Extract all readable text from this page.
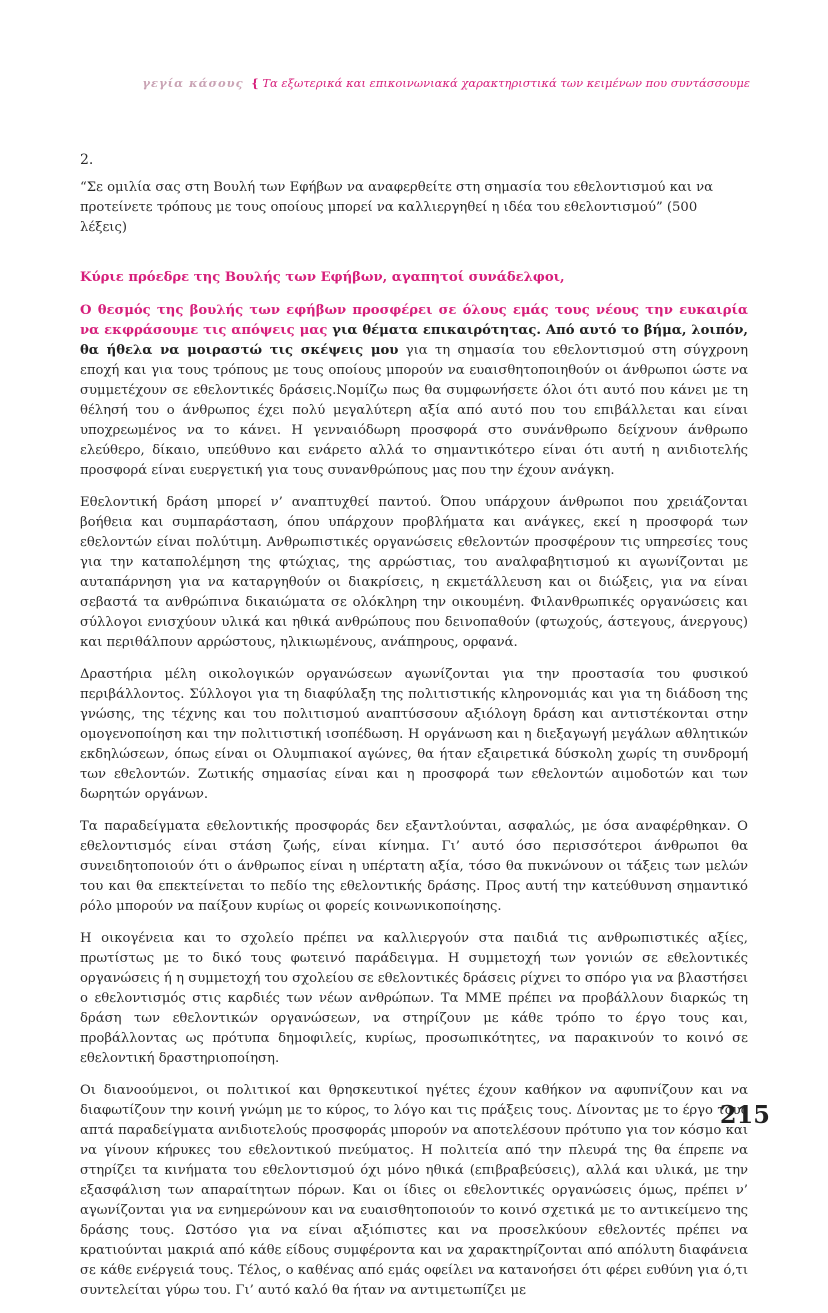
γεγία κάσους { Τα εξωτερικά και επικοινωνιακά χαρακτηριστικά των κειμένων που συντάσσουμε

2.

“Σε ομιλία σας στη Βουλή των Εφήβων να αναφερθείτε στη σημασία του εθελοντισμού και να προτείνετε τρόπους με τους οποίους μπορεί να καλλιεργηθεί η ιδέα του εθελοντισμού” (500 λέξεις)

Κύριε πρόεδρε της Βουλής των Εφήβων, αγαπητοί συνάδελφοι,

Ο θεσμός της βουλής των εφήβων προσφέρει σε όλους εμάς τους νέους την ευκαιρία να εκφράσουμε τις απόψεις μας για θέματα επικαιρότητας. Από αυτό το βήμα, λοιπόν, θα ήθελα να μοιραστώ τις σκέψεις μου για τη σημασία του εθελοντισμού στη σύγχρονη εποχή και για τους τρόπους με τους οποίους μπορούν να ευαισθητοποιηθούν οι άνθρωποι ώστε να συμμετέχουν σε εθελοντικές δράσεις.Νομίζω πως θα συμφωνήσετε όλοι ότι αυτό που κάνει με τη θέλησή του ο άνθρωπος έχει πολύ μεγαλύτερη αξία από αυτό που του επιβάλλεται και είναι υποχρεωμένος να το κάνει. Η γενναιόδωρη προσφορά στο συνάνθρωπο δείχνουν άνθρωπο ελεύθερο, δίκαιο, υπεύθυνο και ενάρετο αλλά το σημαντικότερο είναι ότι αυτή η ανιδιοτελής προσφορά είναι ευεργετική για τους συνανθρώπους μας που την έχουν ανάγκη.

Εθελοντική δράση μπορεί ν’ αναπτυχθεί παντού. Όπου υπάρχουν άνθρωποι που χρειάζονται βοήθεια και συμπαράσταση, όπου υπάρχουν προβλήματα και ανάγκες, εκεί η προσφορά των εθελοντών είναι πολύτιμη. Ανθρωπιστικές οργανώσεις εθελοντών προσφέρουν τις υπηρεσίες τους για την καταπολέμηση της φτώχιας, της αρρώστιας, του αναλφαβητισμού κι αγωνίζονται με αυταπάρνηση για να καταργηθούν οι διακρίσεις, η εκμετάλλευση και οι διώξεις, για να είναι σεβαστά τα ανθρώπινα δικαιώματα σε ολόκληρη την οικουμένη. Φιλανθρωπικές οργανώσεις και σύλλογοι ενισχύουν υλικά και ηθικά ανθρώπους που δεινοπαθούν (φτωχούς, άστεγους, άνεργους) και περιθάλπουν αρρώστους, ηλικιωμένους, ανάπηρους, ορφανά.

Δραστήρια μέλη οικολογικών οργανώσεων αγωνίζονται για την προστασία του φυσικού περιβάλλοντος. Σύλλογοι για τη διαφύλαξη της πολιτιστικής κληρονομιάς και για τη διάδοση της γνώσης, της τέχνης και του πολιτισμού αναπτύσσουν αξιόλογη δράση και αντιστέκονται στην ομογενοποίηση και την πολιτιστική ισοπέδωση. Η οργάνωση και η διεξαγωγή μεγάλων αθλητικών εκδηλώσεων, όπως είναι οι Ολυμπιακοί αγώνες, θα ήταν εξαιρετικά δύσκολη χωρίς τη συνδρομή των εθελοντών. Ζωτικής σημασίας είναι και η προσφορά των εθελοντών αιμοδοτών και των δωρητών οργάνων.

Τα παραδείγματα εθελοντικής προσφοράς δεν εξαντλούνται, ασφαλώς, με όσα αναφέρθηκαν. Ο εθελοντισμός είναι στάση ζωής, είναι κίνημα. Γι’ αυτό όσο περισσότεροι άνθρωποι θα συνειδητοποιούν ότι ο άνθρωπος είναι η υπέρτατη αξία, τόσο θα πυκνώνουν οι τάξεις των μελών του και θα επεκτείνεται το πεδίο της εθελοντικής δράσης. Προς αυτή την κατεύθυνση σημαντικό ρόλο μπορούν να παίξουν κυρίως οι φορείς κοινωνικοποίησης.

Η οικογένεια και το σχολείο πρέπει να καλλιεργούν στα παιδιά τις ανθρωπιστικές αξίες, πρωτίστως με το δικό τους φωτεινό παράδειγμα. Η συμμετοχή των γονιών σε εθελοντικές οργανώσεις ή η συμμετοχή του σχολείου σε εθελοντικές δράσεις ρίχνει το σπόρο για να βλαστήσει ο εθελοντισμός στις καρδιές των νέων ανθρώπων. Τα ΜΜΕ πρέπει να προβάλλουν διαρκώς τη δράση των εθελοντικών οργανώσεων, να στηρίζουν με κάθε τρόπο το έργο τους και, προβάλλοντας ως πρότυπα δημοφιλείς, κυρίως, προσωπικότητες, να παρακινούν το κοινό σε εθελοντική δραστηριοποίηση.

Οι διανοούμενοι, οι πολιτικοί και θρησκευτικοί ηγέτες έχουν καθήκον να αφυπνίζουν και να διαφωτίζουν την κοινή γνώμη με το κύρος, το λόγο και τις πράξεις τους. Δίνοντας με το έργο τους απτά παραδείγματα ανιδιοτελούς προσφοράς μπορούν να αποτελέσουν πρότυπο για τον κόσμο και να γίνουν κήρυκες του εθελοντικού πνεύματος. Η πολιτεία από την πλευρά της θα έπρεπε να στηρίζει τα κινήματα του εθελοντισμού όχι μόνο ηθικά (επιβραβεύσεις), αλλά και υλικά, με την εξασφάλιση των απαραίτητων πόρων. Και οι ίδιες οι εθελοντικές οργανώσεις όμως, πρέπει ν’ αγωνίζονται για να ενημερώνουν και να ευαισθητοποιούν το κοινό σχετικά με το αντικείμενο της δράσης τους. Ωστόσο για να είναι αξιόπιστες και να προσελκύουν εθελοντές πρέπει να κρατιούνται μακριά από κάθε είδους συμφέροντα και να χαρακτηρίζονται από απόλυτη διαφάνεια σε κάθε ενέργειά τους. Τέλος, ο καθένας από εμάς οφείλει να κατανοήσει ότι φέρει ευθύνη για ό,τι συντελείται γύρω του. Γι’ αυτό καλό θα ήταν να αντιμετωπίζει με

215
